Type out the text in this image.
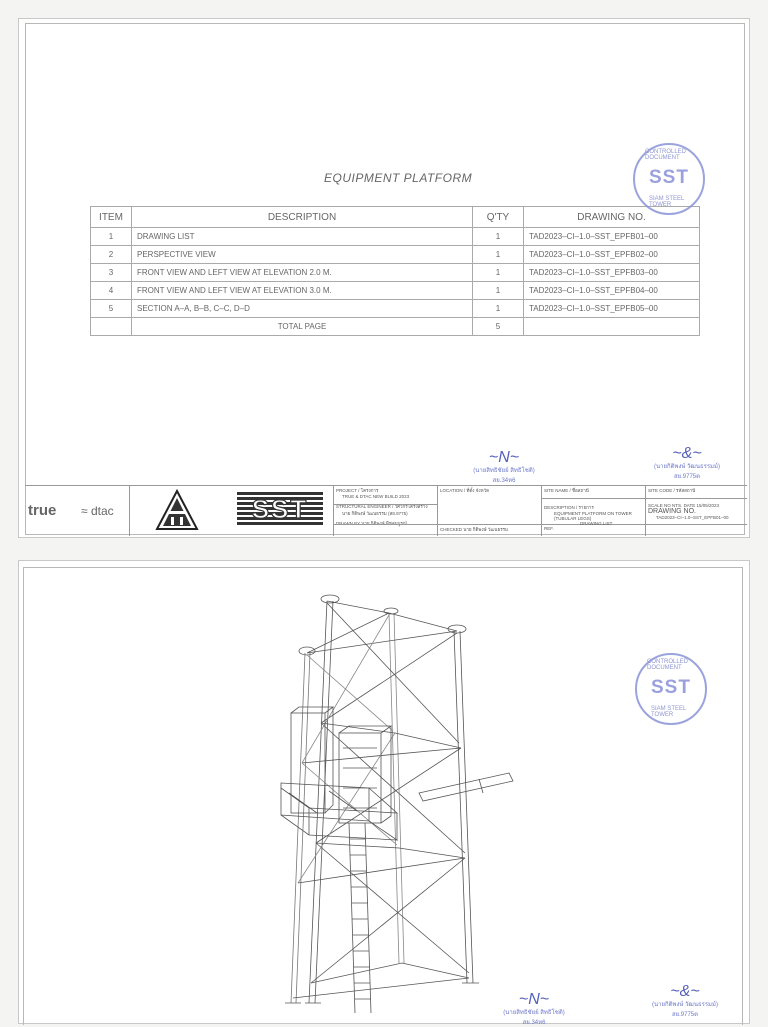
EQUIPMENT PLATFORM
ITEM	DESCRIPTION	Q'TY	DRAWING NO.
1	DRAWING LIST	1	TAD2023–CI–1.0–SST_EPFB01–00
2	PERSPECTIVE VIEW	1	TAD2023–CI–1.0–SST_EPFB02–00
3	FRONT VIEW AND LEFT VIEW AT ELEVATION 2.0 M.	1	TAD2023–CI–1.0–SST_EPFB03–00
4	FRONT VIEW AND LEFT VIEW AT ELEVATION 3.0 M.	1	TAD2023–CI–1.0–SST_EPFB04–00
5	SECTION A–A, B–B, C–C, D–D	1	TAD2023–CI–1.0–SST_EPFB05–00
	TOTAL PAGE	5	
CONTROLLED DOCUMENT
SST
SIAM STEEL TOWER
~N~
(นายสิทธิชัยย์ สิทธิโชติ)
สย.34ห6
~&~
(นายกิติพงษ์ วัฒนธรรมม์)
สย.9775ต
true ≈ dtac	SST
PROJECT / โครงการ
TRUE & DTAC NEW BUILD 2023
STRUCTURAL ENGINEER / วิศวกรโครงสร้าง
นาย กิติพงษ์ วัฒนธรรม (สย.9775)
DRAWN BY นาย กิติพงษ์ พืชสมบูรณ์
LOCATION / ที่ตั้ง จังหวัด
CHECKED นาย กิติพงษ์ วัฒนธรรม
SITE NAME / ชื่อสถานี
DESCRIPTION / รายการ
EQUIPMENT PLATFORM ON TOWER (TUBULAR LEGS)
DRAWING LIST
REF.
SITE CODE / รหัสสถานี
SCALE NO NTS. DATE 15/05/2023
DRAWING NO.
TAD2023–CI–1.0–SST_EPFB01–00
CONTROLLED DOCUMENT
SST
SIAM STEEL TOWER
~N~
(นายสิทธิชัยย์ สิทธิโชติ)
สย.34ห6
~&~
(นายกิติพงษ์ วัฒนธรรมม์)
สย.9775ต
